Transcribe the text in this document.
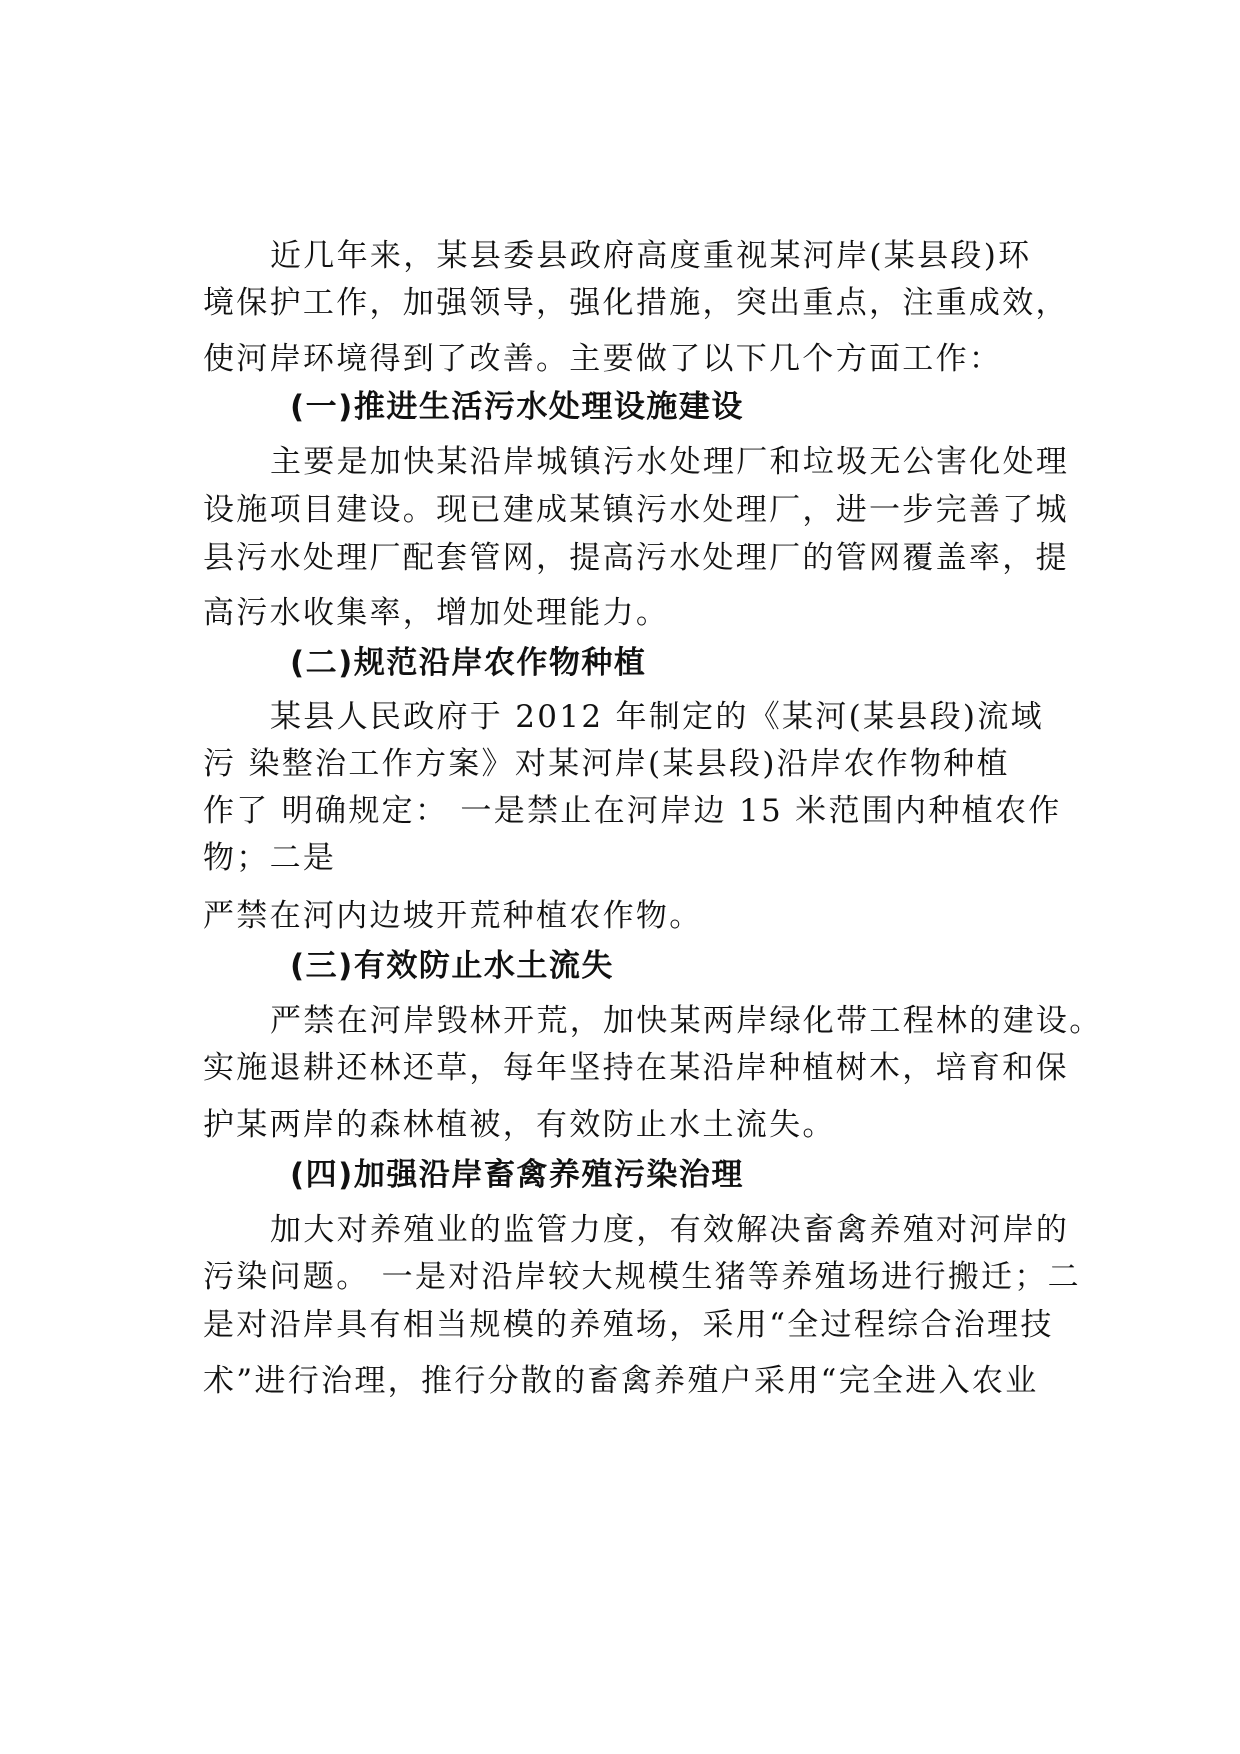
近几年来，某县委县政府高度重视某河岸(某县段)环
境保护工作，加强领导，强化措施，突出重点，注重成效，
使河岸环境得到了改善。主要做了以下几个方面工作：
(一)推进生活污水处理设施建设
主要是加快某沿岸城镇污水处理厂和垃圾无公害化处理
设施项目建设。现已建成某镇污水处理厂，进一步完善了城
县污水处理厂配套管网，提高污水处理厂的管网覆盖率，提
高污水收集率，增加处理能力。
(二)规范沿岸农作物种植
某县人民政府于 2012 年制定的《某河(某县段)流域
污 染整治工作方案》对某河岸(某县段)沿岸农作物种植
作了 明确规定： 一是禁止在河岸边 15 米范围内种植农作
物；二是
严禁在河内边坡开荒种植农作物。
(三)有效防止水土流失
严禁在河岸毁林开荒，加快某两岸绿化带工程林的建设。
实施退耕还林还草，每年坚持在某沿岸种植树木，培育和保
护某两岸的森林植被，有效防止水土流失。
(四)加强沿岸畜禽养殖污染治理
加大对养殖业的监管力度，有效解决畜禽养殖对河岸的
污染问题。 一是对沿岸较大规模生猪等养殖场进行搬迁；二
是对沿岸具有相当规模的养殖场，采用“全过程综合治理技
术”进行治理，推行分散的畜禽养殖户采用“完全进入农业
